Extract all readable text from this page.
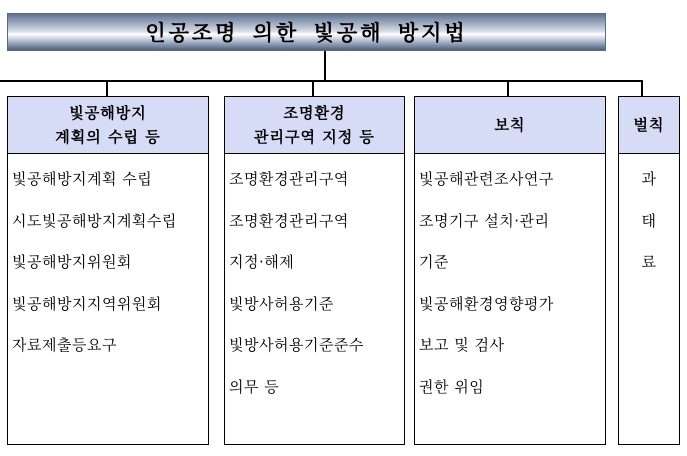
인공조명 의한 빛공해 방지법
빛공해방지
계획의 수립 등
빛공해방지계획 수립
시도빛공해방지계획수립
빛공해방지위원회
빛공해방지지역위원회
자료제출등요구
조명환경
관리구역 지정 등
조명환경관리구역
조명환경관리구역
지정·해제
빛방사허용기준
빛방사허용기준준수
의무 등
보칙
빛공해관련조사연구
조명기구 설치·관리
기준
빛공해환경영향평가
보고 및 검사
권한 위임
벌칙
과
태
료
